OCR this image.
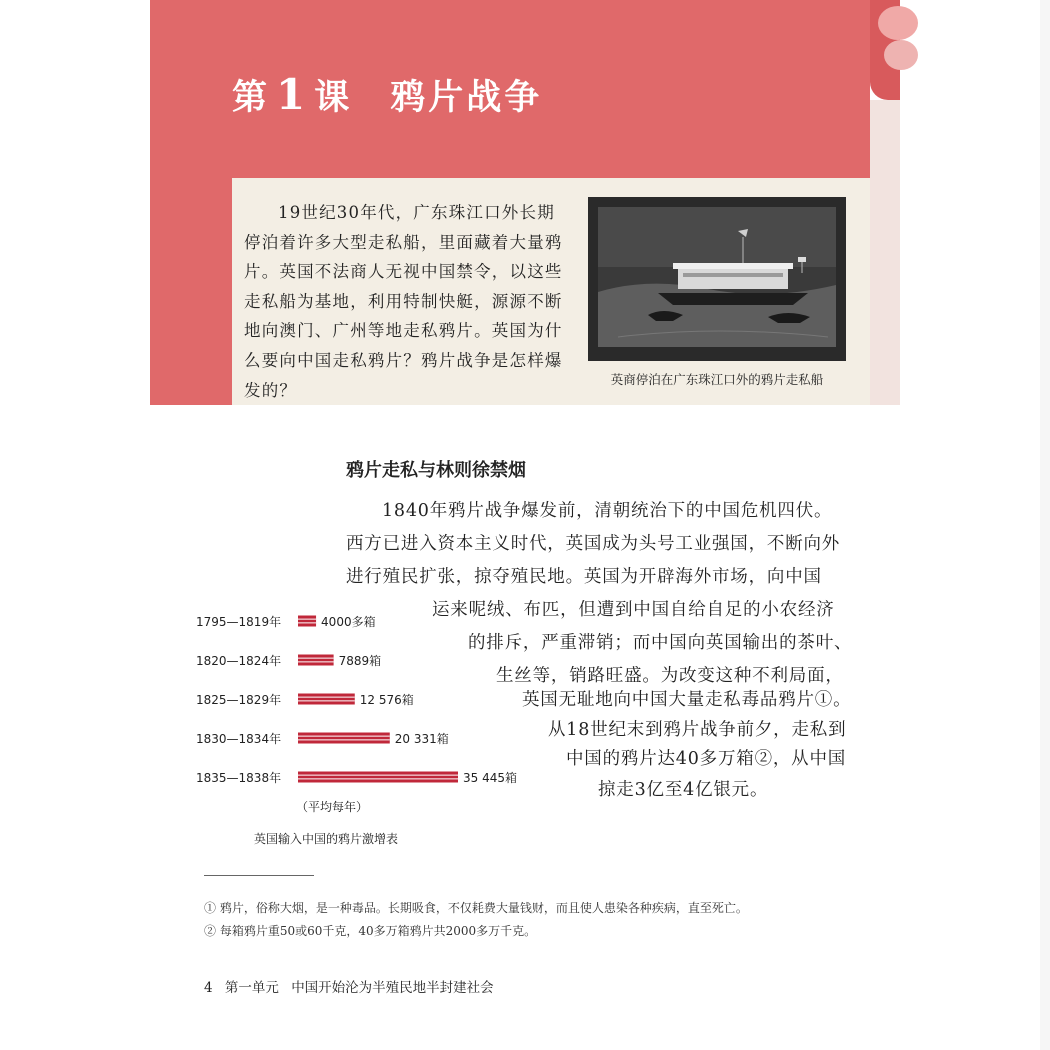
第 1 课 鸦片战争
19世纪30年代，广东珠江口外长期
停泊着许多大型走私船，里面藏着大量鸦
片。英国不法商人无视中国禁令，以这些
走私船为基地，利用特制快艇，源源不断
地向澳门、广州等地走私鸦片。英国为什
么要向中国走私鸦片？鸦片战争是怎样爆
发的？
英商停泊在广东珠江口外的鸦片走私船
鸦片走私与林则徐禁烟
1840年鸦片战争爆发前，清朝统治下的中国危机四伏。
西方已进入资本主义时代，英国成为头号工业强国，不断向外
进行殖民扩张，掠夺殖民地。英国为开辟海外市场，向中国
运来呢绒、布匹，但遭到中国自给自足的小农经济
的排斥，严重滞销；而中国向英国输出的茶叶、
生丝等，销路旺盛。为改变这种不利局面，
英国无耻地向中国大量走私毒品鸦片①。
从18世纪末到鸦片战争前夕，走私到
中国的鸦片达40多万箱②，从中国
掠走3亿至4亿银元。
1795—1819年	4000多箱
1820—1824年	7889箱
1825—1829年	12 576箱
1830—1834年	20 331箱
1835—1838年	35 445箱
（平均每年）
英国输入中国的鸦片激增表
① 鸦片，俗称大烟，是一种毒品。长期吸食，不仅耗费大量钱财，而且使人患染各种疾病，直至死亡。
② 每箱鸦片重50或60千克，40多万箱鸦片共2000多万千克。
4 第一单元 中国开始沦为半殖民地半封建社会
